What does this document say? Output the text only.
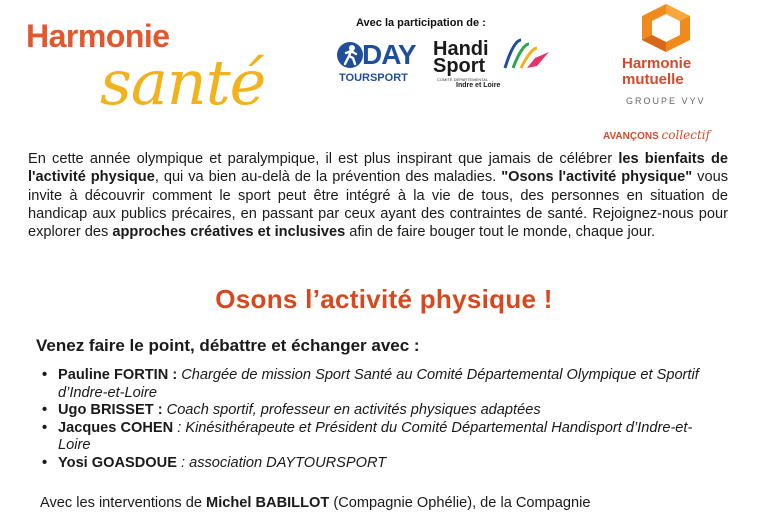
Harmonie
santé
Avec la participation de :
DAY
TOURSPORT
Handi
Sport
COMITÉ DÉPARTEMENTAL
Indre et Loire
Harmonie
mutuelle
GROUPE VYV
AVANÇONS collectif
En cette année olympique et paralympique, il est plus inspirant que jamais de célébrer les bienfaits de l'activité physique, qui va bien au-delà de la prévention des maladies. "Osons l'activité physique" vous invite à découvrir comment le sport peut être intégré à la vie de tous, des personnes en situation de handicap aux publics précaires, en passant par ceux ayant des contraintes de santé. Rejoignez-nous pour explorer des approches créatives et inclusives afin de faire bouger tout le monde, chaque jour.
Osons l’activité physique !
Venez faire le point, débattre et échanger avec :
• Pauline FORTIN : Chargée de mission Sport Santé au Comité Départemental Olympique et Sportif d’Indre-et-Loire
• Ugo BRISSET : Coach sportif, professeur en activités physiques adaptées
• Jacques COHEN : Kinésithérapeute et Président du Comité Départemental Handisport d’Indre-et-Loire
• Yosi GOASDOUE : association DAYTOURSPORT
Avec les interventions de Michel BABILLOT (Compagnie Ophélie), de la Compagnie
